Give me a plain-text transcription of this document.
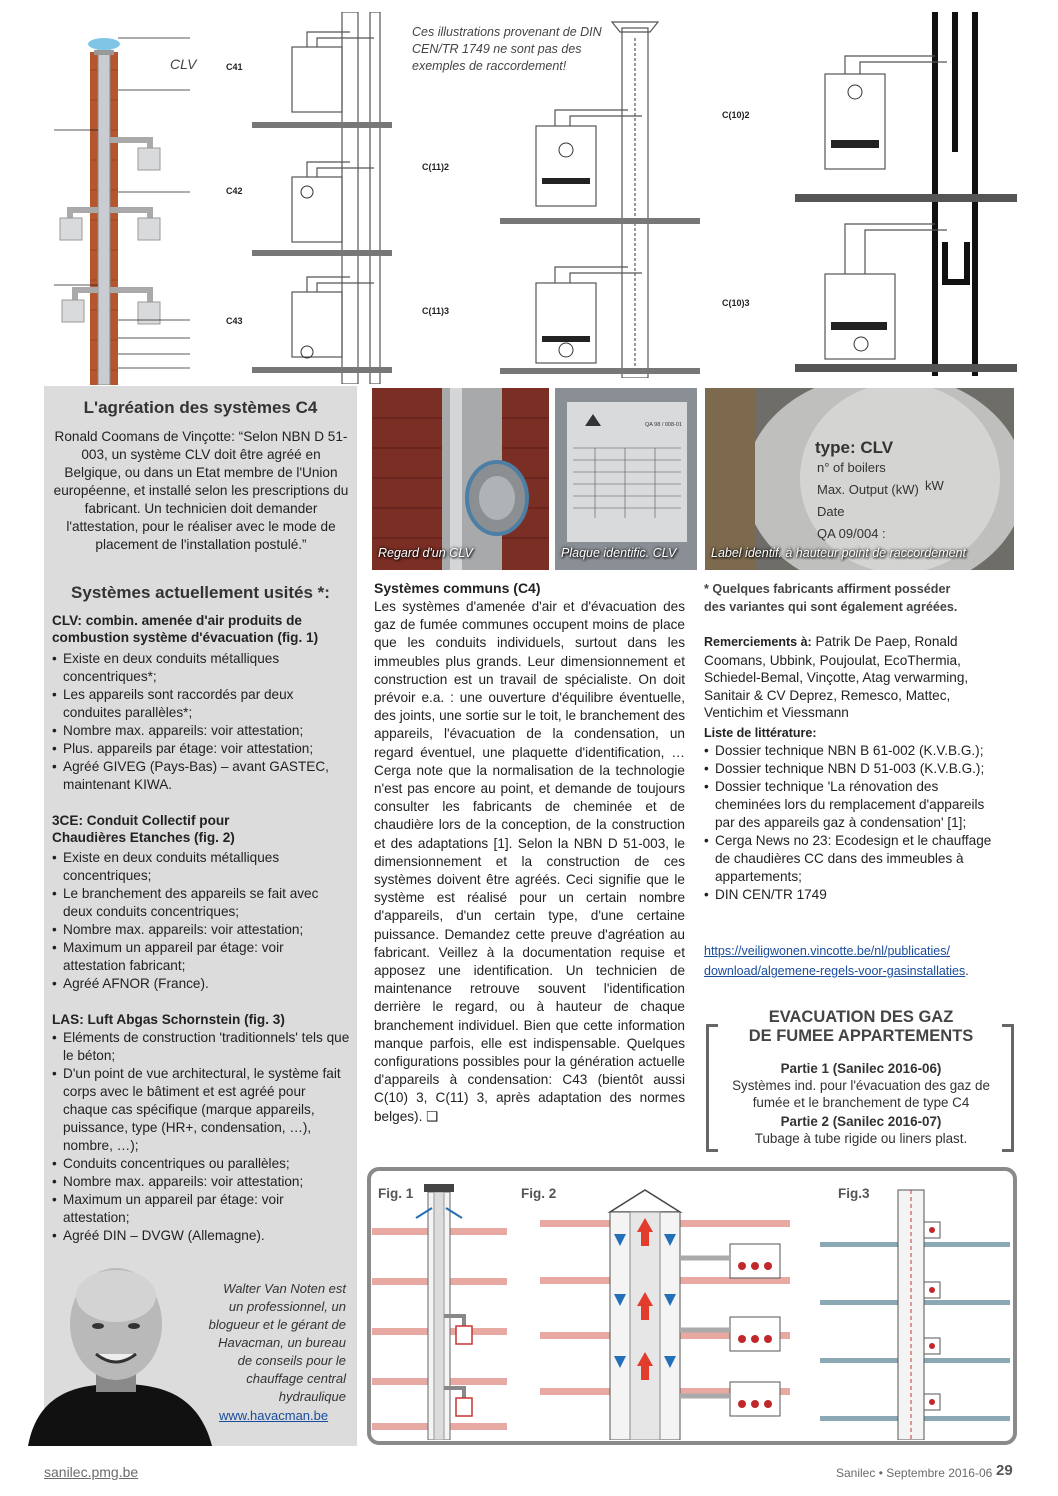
CLV	C41
C42
C43
Ces illustrations provenant de DIN CEN/TR 1749 ne sont pas des exemples de raccordement!
C(11)2
C(11)3
C(10)2
C(10)3
L'agréation des systèmes C4
Ronald Coomans de Vinçotte: “Selon NBN D 51-003, un système CLV doit être agréé en Belgique, ou dans un Etat membre de l'Union européenne, et installé selon les prescriptions du fabricant. Un technicien doit demander l'attestation, pour le réaliser avec le mode de placement de l'installation postulé.”
Systèmes actuellement usités *:
CLV: combin. amenée d'air produits de combustion système d'évacuation (fig. 1)
• Existe en deux conduits métalliques concentriques*;
• Les appareils sont raccordés par deux conduites parallèles*;
• Nombre max. appareils: voir attestation;
• Plus. appareils par étage: voir attestation;
• Agréé GIVEG (Pays-Bas) – avant GASTEC, maintenant KIWA.
3CE: Conduit Collectif pour Chaudières Etanches (fig. 2)
• Existe en deux conduits métalliques concentriques;
• Le branchement des appareils se fait avec deux conduits concentriques;
• Nombre max. appareils: voir attestation;
• Maximum un appareil par étage: voir attestation fabricant;
• Agréé AFNOR (France).
LAS: Luft Abgas Schornstein (fig. 3)
• Eléments de construction 'traditionnels' tels que le béton;
• D'un point de vue architectural, le système fait corps avec le bâtiment et est agréé pour chaque cas spécifique (marque appareils, puissance, type (HR+, condensation, …), nombre, …);
• Conduits concentriques ou parallèles;
• Nombre max. appareils: voir attestation;
• Maximum un appareil par étage: voir attestation;
• Agréé DIN – DVGW (Allemagne).
Walter Van Noten est un professionnel, un blogueur et le gérant de Havacman, un bureau de conseils pour le chauffage central hydraulique
www.havacman.be
Regard d'un CLV
QA 98 / 008-01
Plaque identific. CLV
type: CLV
n° of boilers
Max. Output (kW) kW
Date
QA 09/004 :
Label identif. à hauteur point de raccordement
Systèmes communs (C4)
Les systèmes d'amenée d'air et d'évacuation des gaz de fumée communes occupent moins de place que les conduits individuels, surtout dans les immeubles plus grands. Leur dimensionnement et construction est un travail de spécialiste. On doit prévoir e.a. : une ouverture d'équilibre éventuelle, des joints, une sortie sur le toit, le branchement des appareils, l'évacuation de la condensation, un regard éventuel, une plaquette d'identification, … Cerga note que la normalisation de la technologie n'est pas encore au point, et demande de toujours consulter les fabricants de cheminée et de chaudière lors de la conception, de la construction et des adaptations [1]. Selon la NBN D 51-003, le dimensionnement et la construction de ces systèmes doivent être agréés. Ceci signifie que le système est réalisé pour un certain nombre d'appareils, d'un certain type, d'une certaine puissance. Demandez cette preuve d'agréation au fabricant. Veillez à la documentation requise et apposez une identification. Un technicien de maintenance retrouve souvent l'identification derrière le regard, ou à hauteur de chaque branchement individuel. Bien que cette information manque parfois, elle est indispensable. Quelques configurations possibles pour la génération actuelle d'appareils à condensation: C43 (bientôt aussi C(10) 3, C(11) 3, après adaptation des normes belges). ❑
* Quelques fabricants affirment posséder des variantes qui sont également agréées.
Remerciements à: Patrik De Paep, Ronald Coomans, Ubbink, Poujoulat, EcoThermia, Schiedel-Bemal, Vinçotte, Atag verwarming, Sanitair & CV Deprez, Remesco, Mattec, Ventichim et Viessmann
Liste de littérature:
• Dossier technique NBN B 61-002 (K.V.B.G.);
• Dossier technique NBN D 51-003 (K.V.B.G.);
• Dossier technique 'La rénovation des cheminées lors du remplacement d'appareils par des appareils gaz à condensation' [1];
• Cerga News no 23: Ecodesign et le chauffage de chaudières CC dans des immeubles à appartements;
• DIN CEN/TR 1749
https://veiligwonen.vincotte.be/nl/publicaties/
download/algemene-regels-voor-gasinstallaties.
EVACUATION DES GAZ
DE FUMEE APPARTEMENTS
Partie 1 (Sanilec 2016-06)
Systèmes ind. pour l'évacuation des gaz de fumée et le branchement de type C4
Partie 2 (Sanilec 2016-07)
Tubage à tube rigide ou liners plast.
Fig. 1	Fig. 2	Fig.3
sanilec.pmg.be	Sanilec • Septembre 2016-06 29
